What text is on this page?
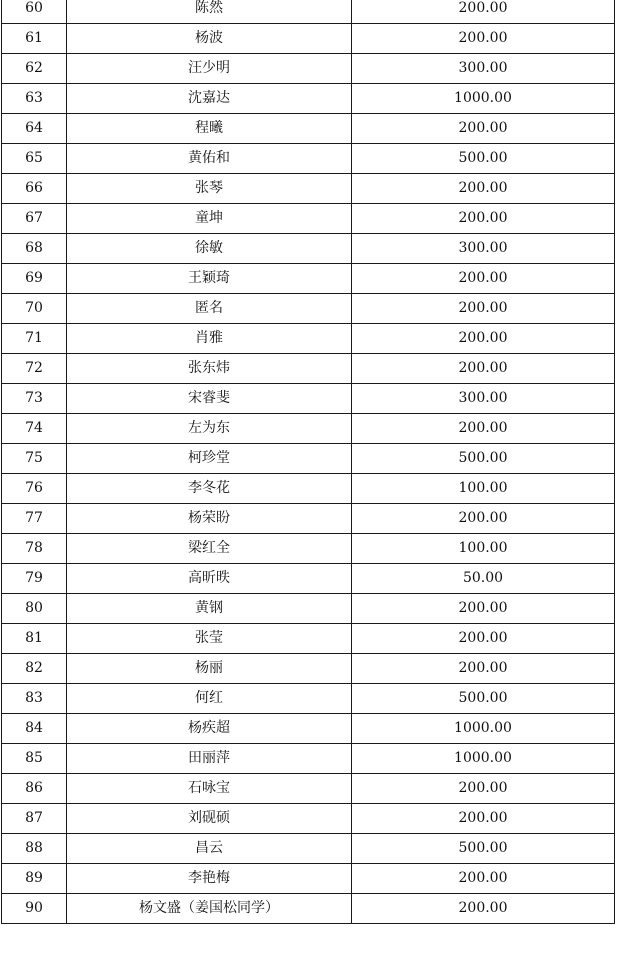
60	陈然	200.00
61	杨波	200.00
62	汪少明	300.00
63	沈嘉达	1000.00
64	程曦	200.00
65	黄佑和	500.00
66	张琴	200.00
67	童坤	200.00
68	徐敏	300.00
69	王颖琦	200.00
70	匿名	200.00
71	肖雅	200.00
72	张东炜	200.00
73	宋睿斐	300.00
74	左为东	200.00
75	柯珍堂	500.00
76	李冬花	100.00
77	杨荣盼	200.00
78	梁红全	100.00
79	高昕昳	50.00
80	黄钢	200.00
81	张莹	200.00
82	杨丽	200.00
83	何红	500.00
84	杨疾超	1000.00
85	田丽萍	1000.00
86	石咏宝	200.00
87	刘砚硕	200.00
88	昌云	500.00
89	李艳梅	200.00
90	杨文盛（姜国松同学）	200.00
